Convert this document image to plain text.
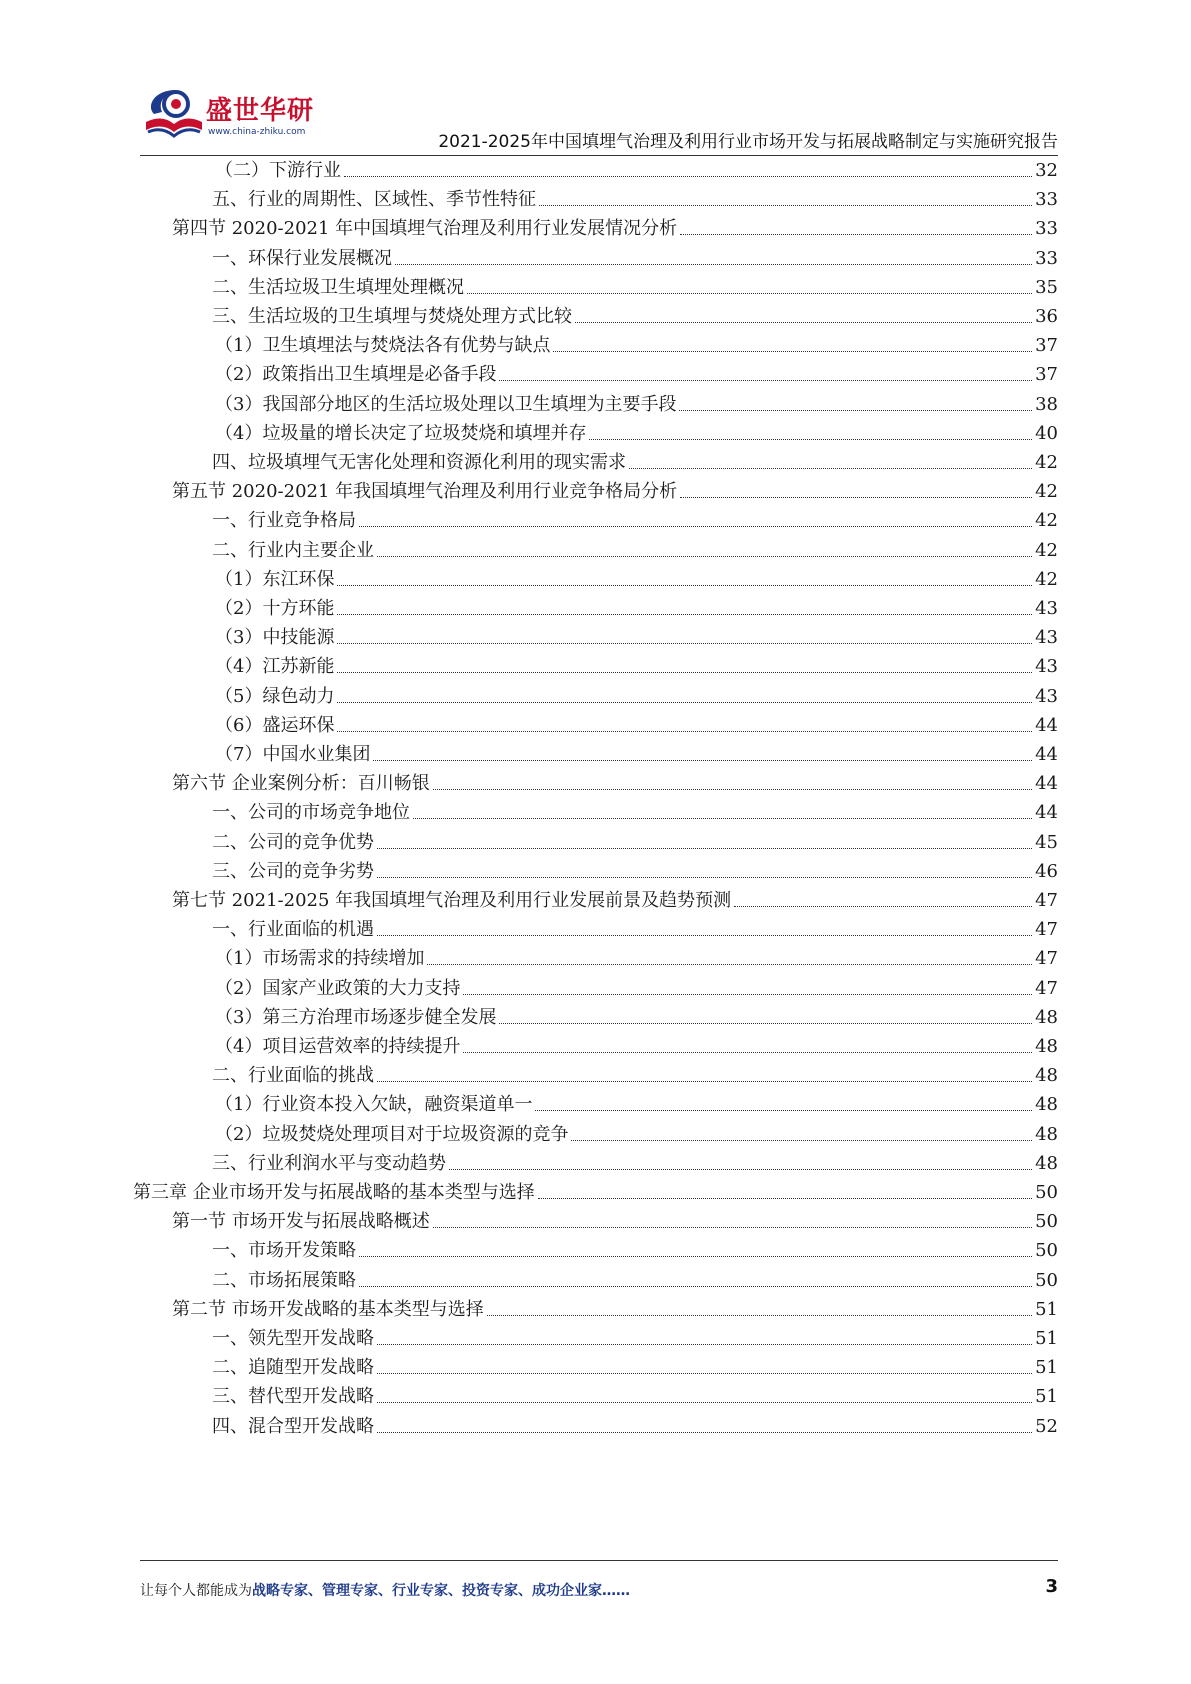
盛世华研
www.china-zhiku.com	2021-2025年中国填埋气治理及利用行业市场开发与拓展战略制定与实施研究报告
（二）下游行业	32
五、行业的周期性、区域性、季节性特征	33
第四节 2020-2021 年中国填埋气治理及利用行业发展情况分析	33
一、环保行业发展概况	33
二、生活垃圾卫生填埋处理概况	35
三、生活垃圾的卫生填埋与焚烧处理方式比较	36
（1）卫生填埋法与焚烧法各有优势与缺点	37
（2）政策指出卫生填埋是必备手段	37
（3）我国部分地区的生活垃圾处理以卫生填埋为主要手段	38
（4）垃圾量的增长决定了垃圾焚烧和填埋并存	40
四、垃圾填埋气无害化处理和资源化利用的现实需求	42
第五节 2020-2021 年我国填埋气治理及利用行业竞争格局分析	42
一、行业竞争格局	42
二、行业内主要企业	42
（1）东江环保	42
（2）十方环能	43
（3）中技能源	43
（4）江苏新能	43
（5）绿色动力	43
（6）盛运环保	44
（7）中国水业集团	44
第六节 企业案例分析：百川畅银	44
一、公司的市场竞争地位	44
二、公司的竞争优势	45
三、公司的竞争劣势	46
第七节 2021-2025 年我国填埋气治理及利用行业发展前景及趋势预测	47
一、行业面临的机遇	47
（1）市场需求的持续增加	47
（2）国家产业政策的大力支持	47
（3）第三方治理市场逐步健全发展	48
（4）项目运营效率的持续提升	48
二、行业面临的挑战	48
（1）行业资本投入欠缺，融资渠道单一	48
（2）垃圾焚烧处理项目对于垃圾资源的竞争	48
三、行业利润水平与变动趋势	48
第三章 企业市场开发与拓展战略的基本类型与选择	50
第一节 市场开发与拓展战略概述	50
一、市场开发策略	50
二、市场拓展策略	50
第二节 市场开发战略的基本类型与选择	51
一、领先型开发战略	51
二、追随型开发战略	51
三、替代型开发战略	51
四、混合型开发战略	52
让每个人都能成为战略专家、管理专家、行业专家、投资专家、成功企业家……	3
